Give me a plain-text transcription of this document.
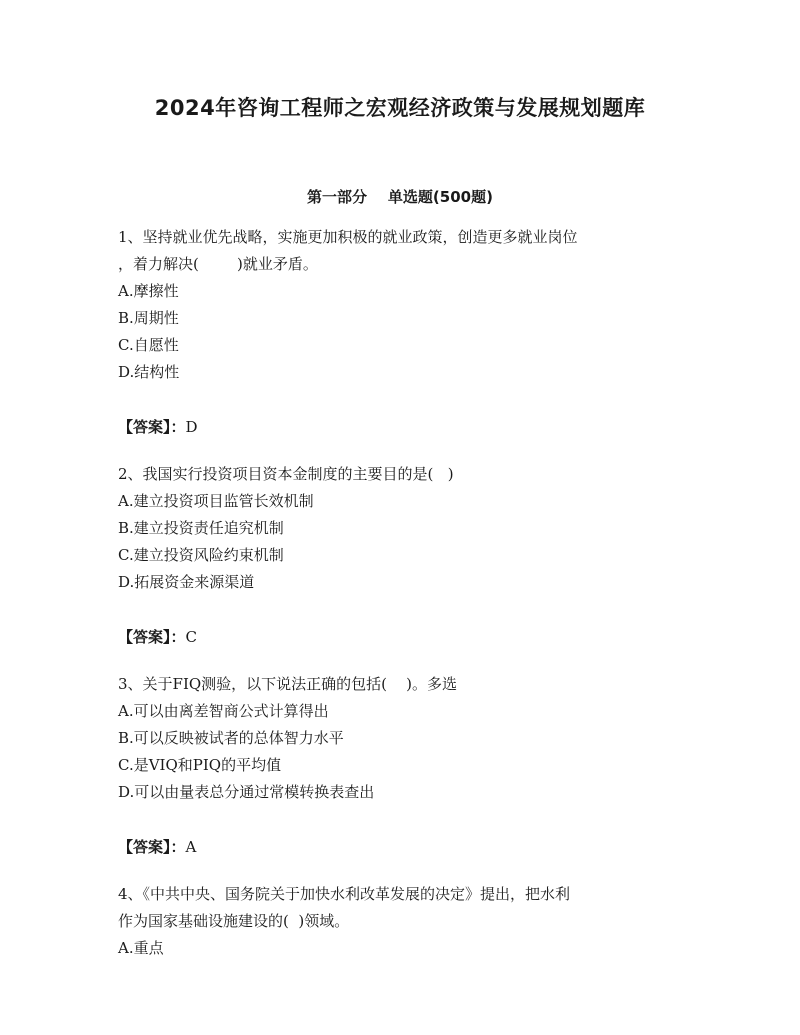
2024年咨询工程师之宏观经济政策与发展规划题库
第一部分    单选题(500题)
1、坚持就业优先战略，实施更加积极的就业政策，创造更多就业岗位
，着力解决(        )就业矛盾。
A.摩擦性
B.周期性
C.自愿性
D.结构性
【答案】：D
2、我国实行投资项目资本金制度的主要目的是(   )
A.建立投资项目监管长效机制
B.建立投资责任追究机制
C.建立投资风险约束机制
D.拓展资金来源渠道
【答案】：C
3、关于FIQ测验，以下说法正确的包括(    )。多选
A.可以由离差智商公式计算得出
B.可以反映被试者的总体智力水平
C.是VIQ和PIQ的平均值
D.可以由量表总分通过常模转换表查出
【答案】：A
4、《中共中央、国务院关于加快水利改革发展的决定》提出，把水利
作为国家基础设施建设的(  )领域。
A.重点
